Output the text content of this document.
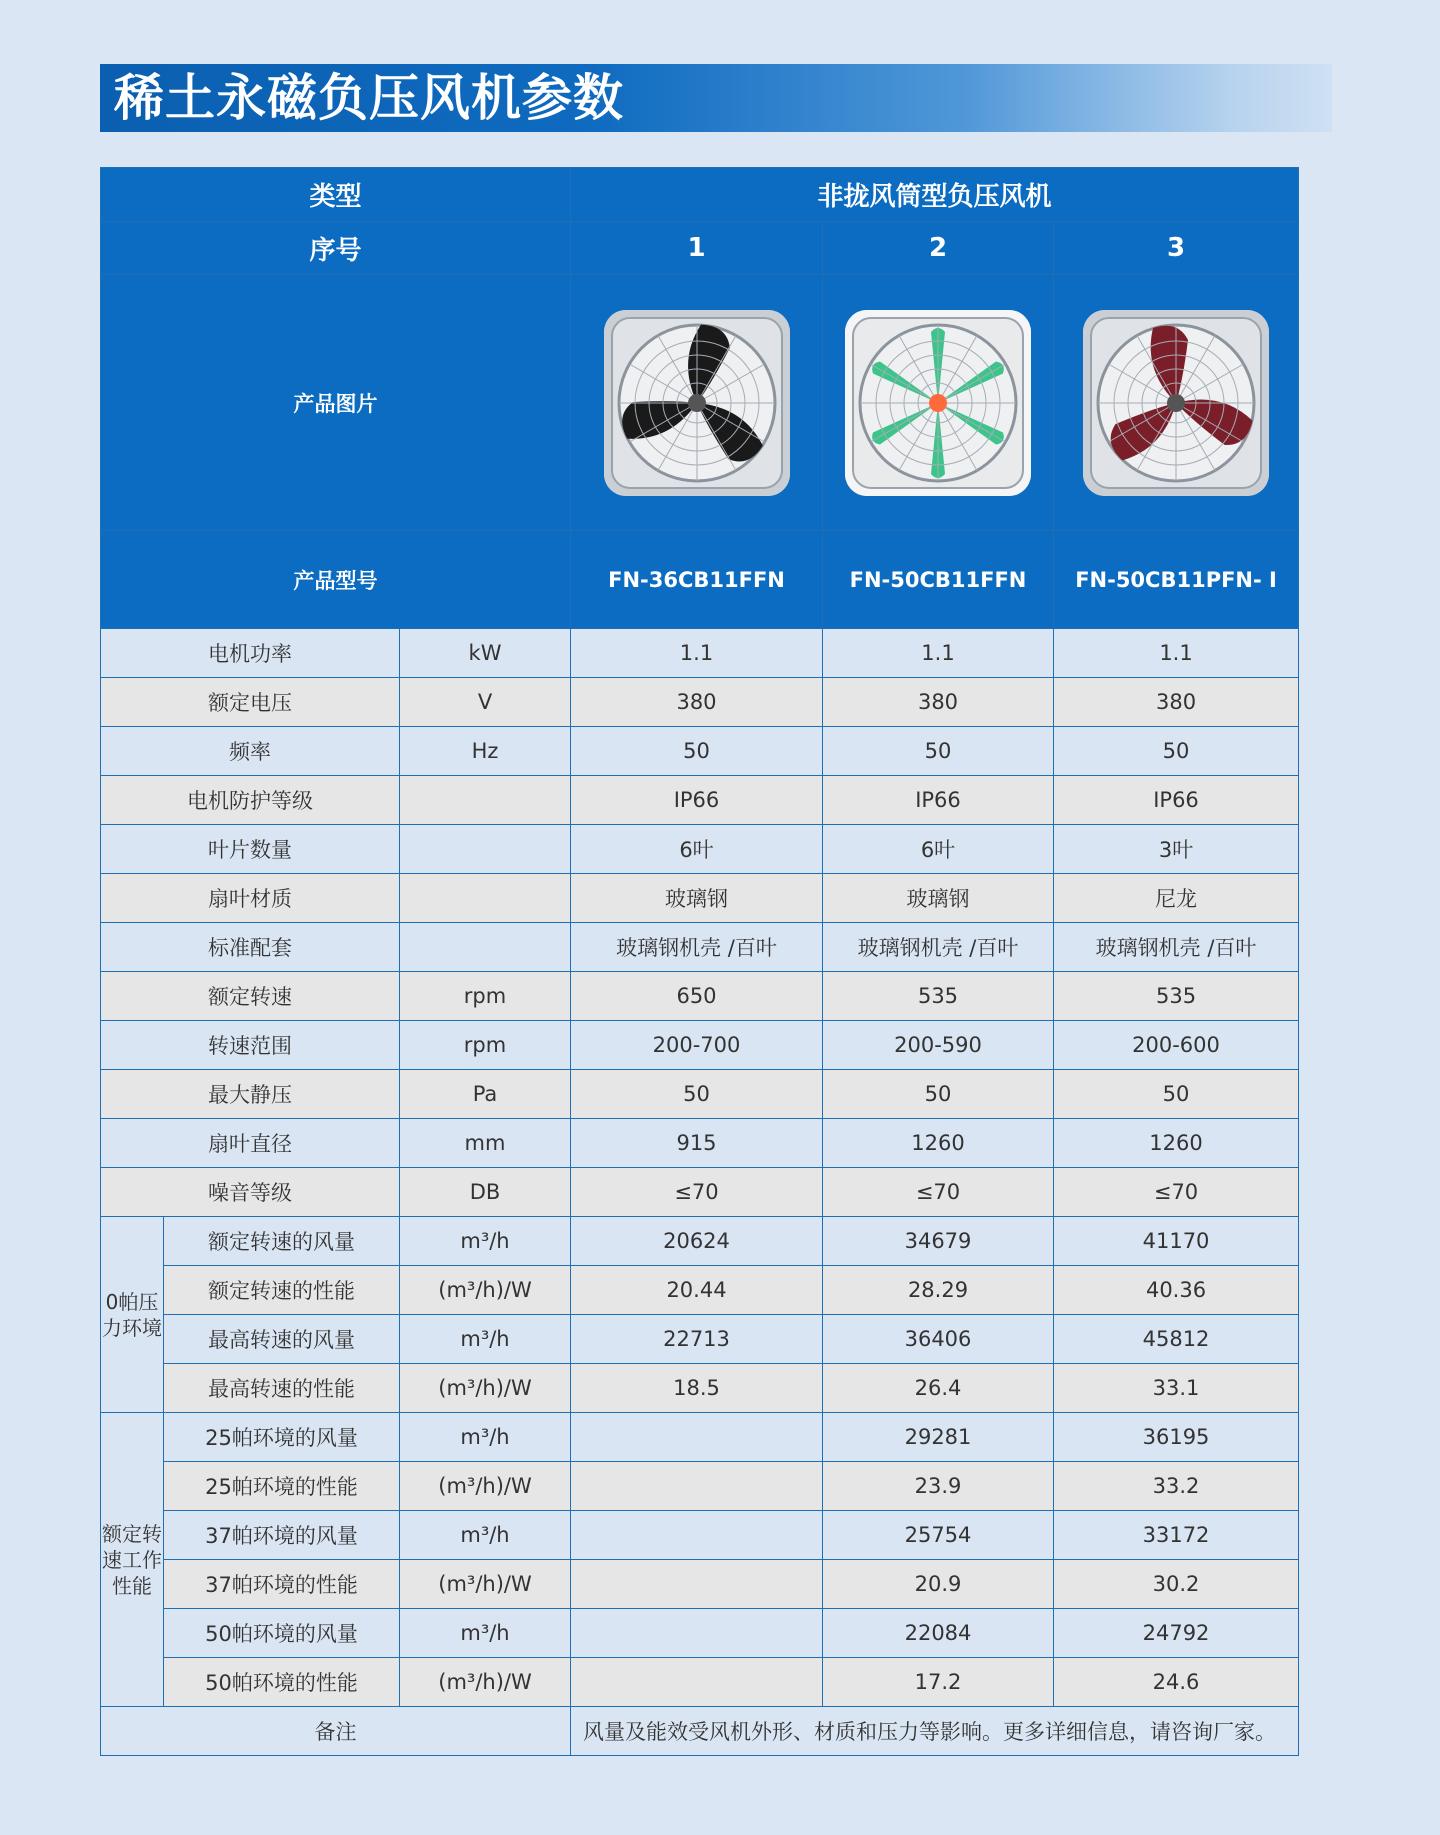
稀土永磁负压风机参数
类型			非拢风筒型负压风机		
序号			1	2	3
产品图片	

产品型号			FN-36CB11FFN	FN-50CB11FFN	FN-50CB11PFN- I
电机功率		kW	1.1	1.1	1.1
额定电压		V	380	380	380
频率		Hz	50	50	50
电机防护等级			IP66	IP66	IP66
叶片数量			6叶	6叶	3叶
扇叶材质			玻璃钢	玻璃钢	尼龙
标准配套			玻璃钢机壳 /百叶	玻璃钢机壳 /百叶	玻璃钢机壳 /百叶
额定转速		rpm	650	535	535
转速范围		rpm	200-700	200-590	200-600
最大静压		Pa	50	50	50
扇叶直径		mm	915	1260	1260
噪音等级		DB	≤70	≤70	≤70
0帕压力环境	额定转速的风量	m³/h	20624	34679	41170
	额定转速的性能	(m³/h)/W	20.44	28.29	40.36
	最高转速的风量	m³/h	22713	36406	45812
	最高转速的性能	(m³/h)/W	18.5	26.4	33.1
额定转速工作性能	25帕环境的风量	m³/h		29281	36195
	25帕环境的性能	(m³/h)/W		23.9	33.2
	37帕环境的风量	m³/h		25754	33172
	37帕环境的性能	(m³/h)/W		20.9	30.2
	50帕环境的风量	m³/h		22084	24792
	50帕环境的性能	(m³/h)/W		17.2	24.6
备注			风量及能效受风机外形、材质和压力等影响。更多详细信息，请咨询厂家。		
